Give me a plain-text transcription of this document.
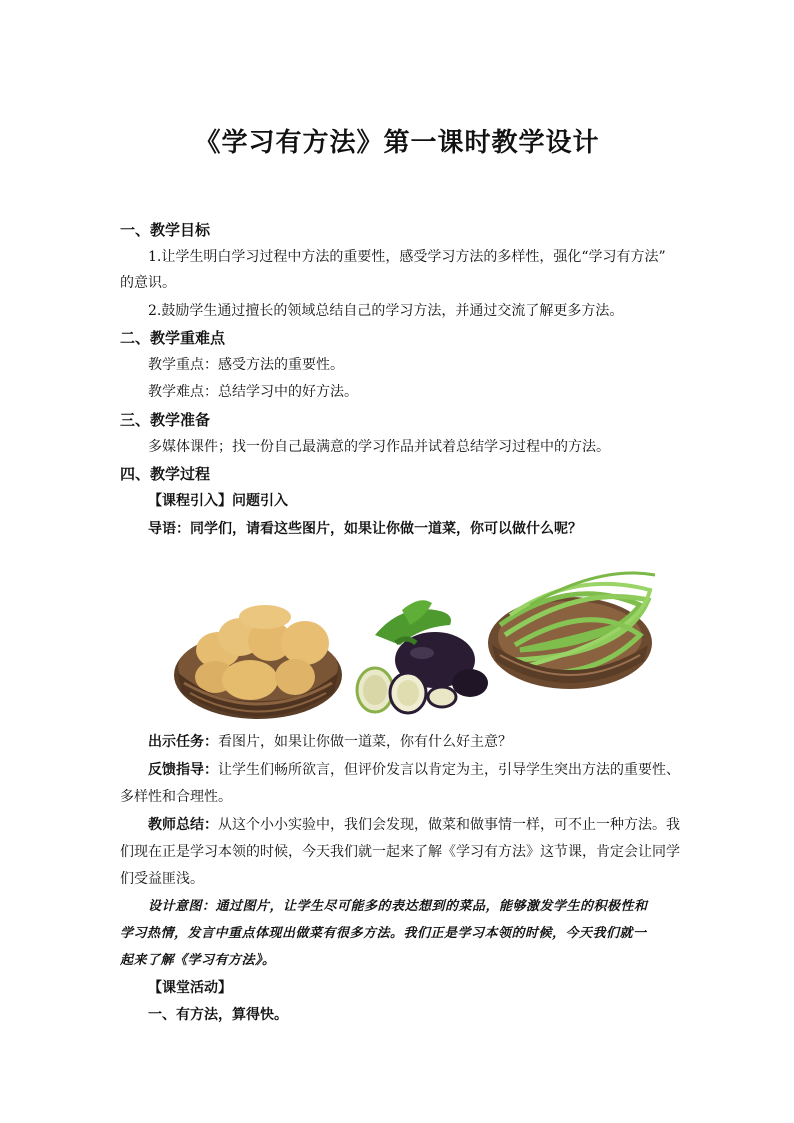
《学习有方法》第一课时教学设计
一、教学目标
1.让学生明白学习过程中方法的重要性，感受学习方法的多样性，强化“学习有方法”
的意识。
2.鼓励学生通过擅长的领域总结自己的学习方法，并通过交流了解更多方法。
二、教学重难点
教学重点：感受方法的重要性。
教学难点：总结学习中的好方法。
三、教学准备
多媒体课件；找一份自己最满意的学习作品并试着总结学习过程中的方法。
四、教学过程
【课程引入】问题引入
导语：同学们，请看这些图片，如果让你做一道菜，你可以做什么呢？
出示任务：看图片，如果让你做一道菜，你有什么好主意？
反馈指导：让学生们畅所欲言，但评价发言以肯定为主，引导学生突出方法的重要性、
多样性和合理性。
教师总结：从这个小小实验中，我们会发现，做菜和做事情一样，可不止一种方法。我
们现在正是学习本领的时候，今天我们就一起来了解《学习有方法》这节课，肯定会让同学
们受益匪浅。
设计意图：通过图片，让学生尽可能多的表达想到的菜品，能够激发学生的积极性和
学习热情，发言中重点体现出做菜有很多方法。我们正是学习本领的时候，今天我们就一
起来了解《学习有方法》。
【课堂活动】
一、有方法，算得快。
